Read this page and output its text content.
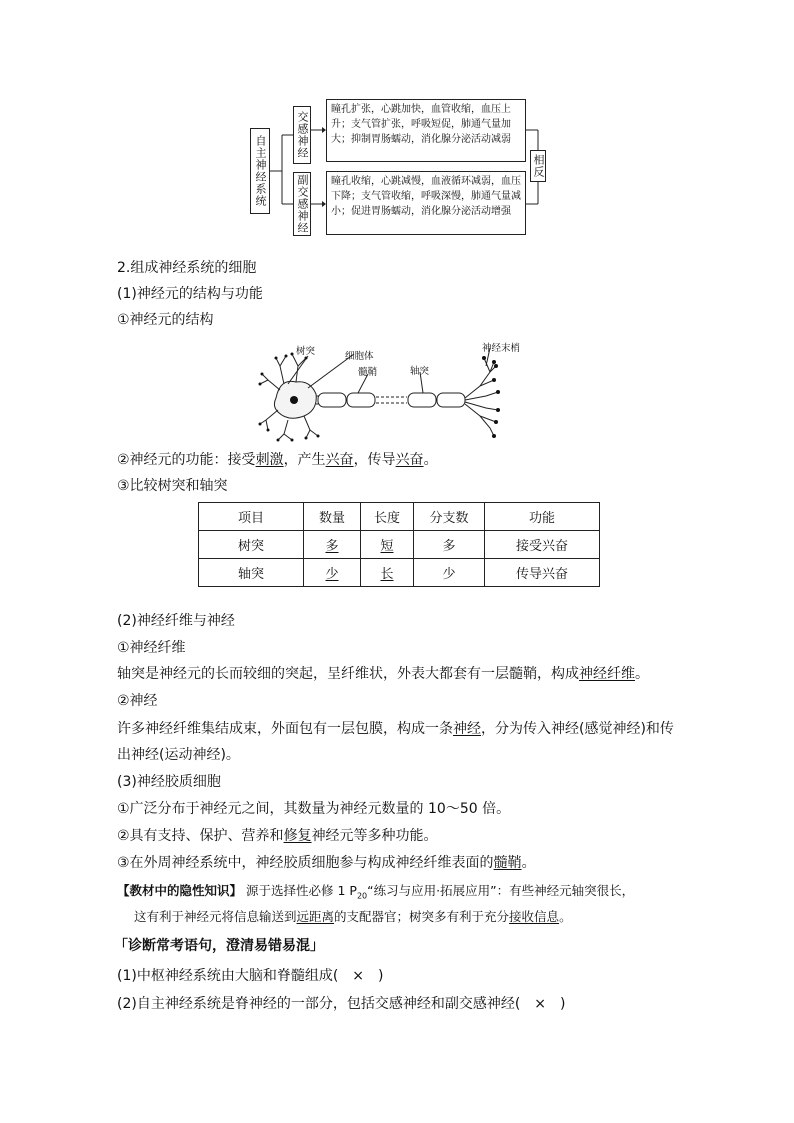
自主神经系统	交感神经
副交感神经
瞳孔扩张，心跳加快，血管收缩，血压上升；支气管扩张，呼吸短促，肺通气量加大；抑制胃肠蠕动，消化腺分泌活动减弱
瞳孔收缩，心跳减慢，血液循环减弱，血压下降；支气管收缩，呼吸深慢，肺通气量减小；促进胃肠蠕动，消化腺分泌活动增强
相反
2.组成神经系统的细胞
(1)神经元的结构与功能
①神经元的结构
树突	细胞体
髓鞘	轴突
神经末梢
②神经元的功能：接受刺激，产生兴奋，传导兴奋。
③比较树突和轴突
项目	数量	长度	分支数	功能
树突	多	短	多	接受兴奋
轴突	少	长	少	传导兴奋
(2)神经纤维与神经
①神经纤维
轴突是神经元的长而较细的突起，呈纤维状，外表大都套有一层髓鞘，构成神经纤维。
②神经
许多神经纤维集结成束，外面包有一层包膜，构成一条神经，分为传入神经(感觉神经)和传
出神经(运动神经)。
(3)神经胶质细胞
①广泛分布于神经元之间，其数量为神经元数量的 10～50 倍。
②具有支持、保护、营养和修复神经元等多种功能。
③在外周神经系统中，神经胶质细胞参与构成神经纤维表面的髓鞘。
【教材中的隐性知识】 源于选择性必修 1 $P_{20}“$练习与应用·拓展应用”：有些神经元轴突很长，
这有利于神经元将信息输送到远距离的支配器官；树突多有利于充分接收信息。
「诊断常考语句，澄清易错易混」
(1)中枢神经系统由大脑和脊髓组成(　×　)
(2)自主神经系统是脊神经的一部分，包括交感神经和副交感神经(　×　)
